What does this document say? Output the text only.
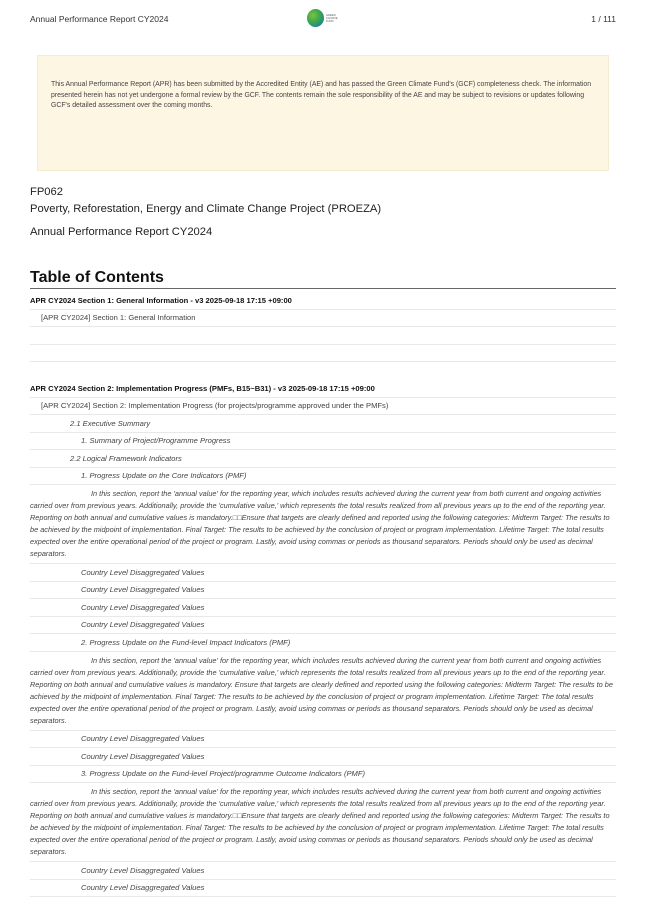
Annual Performance Report CY2024	GREEN
CLIMATE
FUND	1 / 111

This Annual Performance Report (APR) has been submitted by the Accredited Entity (AE) and has passed the Green Climate Fund's (GCF) completeness check. The information presented herein has not yet undergone a formal review by the GCF. The contents remain the sole responsibility of the AE and may be subject to revisions or updates following GCF's detailed assessment over the coming months.

FP062
Poverty, Reforestation, Energy and Climate Change Project (PROEZA)
Annual Performance Report CY2024
Table of Contents
APR CY2024 Section 1: General Information - v3 2025-09-18 17:15 +09:00
[APR CY2024] Section 1: General Information
APR CY2024 Section 2: Implementation Progress (PMFs, B15~B31) - v3 2025-09-18 17:15 +09:00
[APR CY2024] Section 2: Implementation Progress (for projects/programme approved under the PMFs)
2.1 Executive Summary
1. Summary of Project/Programme Progress
2.2 Logical Framework Indicators
1. Progress Update on the Core Indicators (PMF)
In this section, report the 'annual value' for the reporting year, which includes results achieved during the current year from both current and ongoing activities carried over from previous years. Additionally, provide the 'cumulative value,' which represents the total results realized from all previous years up to the end of the reporting year. Reporting on both annual and cumulative values is mandatory.□□Ensure that targets are clearly defined and reported using the following categories: Midterm Target: The results to be achieved by the midpoint of implementation. Final Target: The results to be achieved by the conclusion of project or program implementation. Lifetime Target: The total results expected over the entire operational period of the project or program. Lastly, avoid using commas or periods as thousand separators. Periods should only be used as decimal separators.
Country Level Disaggregated Values
Country Level Disaggregated Values
Country Level Disaggregated Values
Country Level Disaggregated Values
2. Progress Update on the Fund-level Impact Indicators (PMF)
In this section, report the 'annual value' for the reporting year, which includes results achieved during the current year from both current and ongoing activities carried over from previous years. Additionally, provide the 'cumulative value,' which represents the total results realized from all previous years up to the end of the reporting year. Reporting on both annual and cumulative values is mandatory. Ensure that targets are clearly defined and reported using the following categories: Midterm Target: The results to be achieved by the midpoint of implementation. Final Target: The results to be achieved by the conclusion of project or program implementation. Lifetime Target: The total results expected over the entire operational period of the project or program. Lastly, avoid using commas or periods as thousand separators. Periods should only be used as decimal separators.
Country Level Disaggregated Values
Country Level Disaggregated Values
3. Progress Update on the Fund-level Project/programme Outcome Indicators (PMF)
In this section, report the 'annual value' for the reporting year, which includes results achieved during the current year from both current and ongoing activities carried over from previous years. Additionally, provide the 'cumulative value,' which represents the total results realized from all previous years up to the end of the reporting year. Reporting on both annual and cumulative values is mandatory.□□Ensure that targets are clearly defined and reported using the following categories: Midterm Target: The results to be achieved by the midpoint of implementation. Final Target: The results to be achieved by the conclusion of project or program implementation. Lifetime Target: The total results expected over the entire operational period of the project or program. Lastly, avoid using commas or periods as thousand separators. Periods should only be used as decimal separators.
Country Level Disaggregated Values
Country Level Disaggregated Values
